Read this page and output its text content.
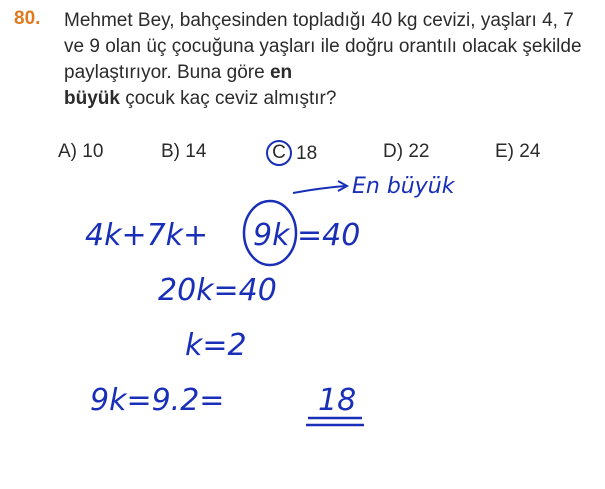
80. Mehmet Bey, bahçesinden topladığı 40 kg cevizi, yaşları 4, 7 ve 9 olan üç çocuğuna yaşları ile doğru orantılı olacak şekilde paylaştırıyor. Buna göre en
büyük çocuk kaç ceviz almıştır?
A) 10	B) 14	C 18	D) 22	E) 24
En büyük
4k+7k+ 9k =40
20k=40
k=2
9k=9.2=	18
